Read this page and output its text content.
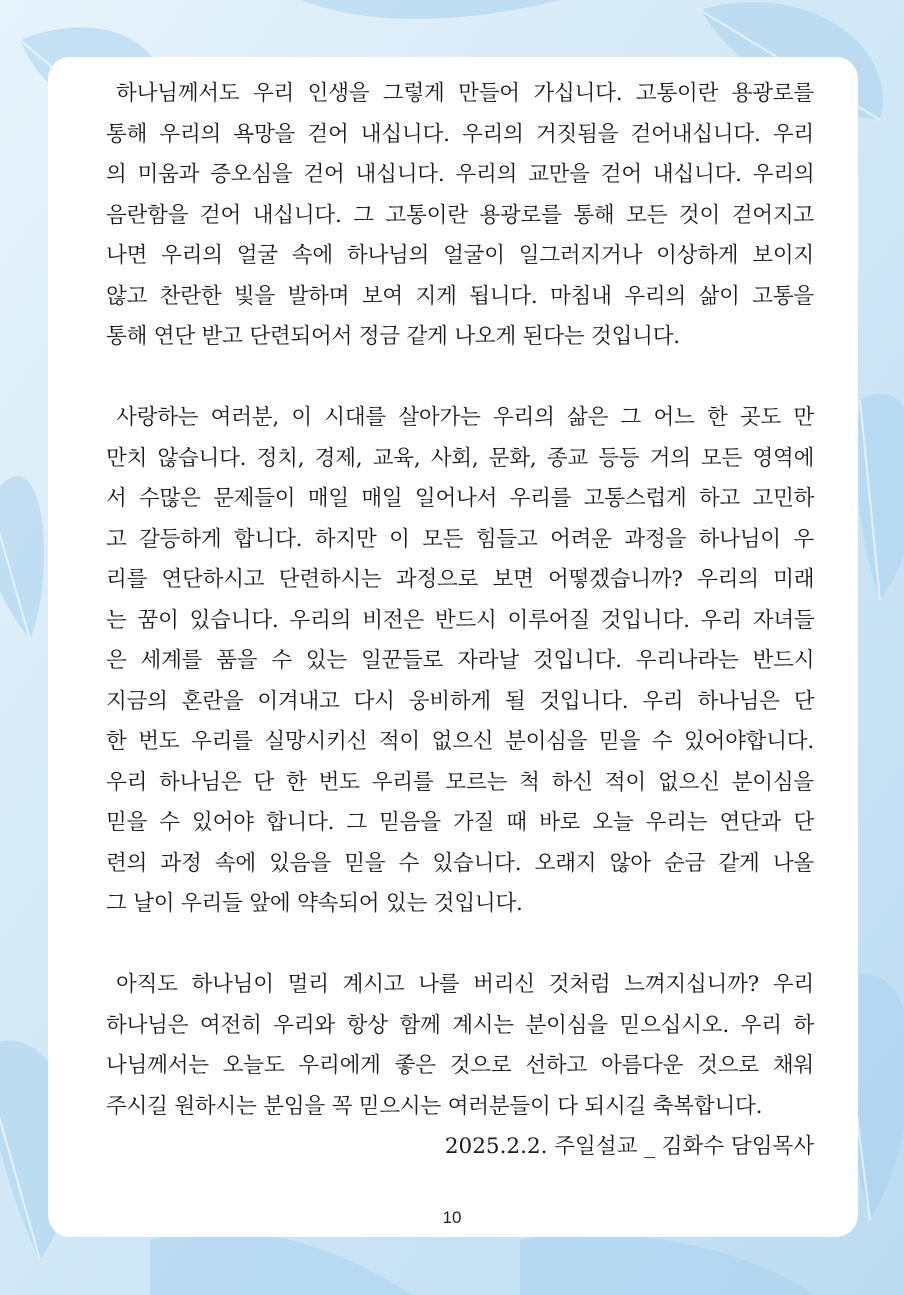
하나님께서도 우리 인생을 그렇게 만들어 가십니다. 고통이란 용광로를
통해 우리의 욕망을 걷어 내십니다. 우리의 거짓됨을 걷어내십니다. 우리
의 미움과 증오심을 걷어 내십니다. 우리의 교만을 걷어 내십니다. 우리의
음란함을 걷어 내십니다. 그 고통이란 용광로를 통해 모든 것이 걷어지고
나면 우리의 얼굴 속에 하나님의 얼굴이 일그러지거나 이상하게 보이지
않고 찬란한 빛을 발하며 보여 지게 됩니다. 마침내 우리의 삶이 고통을
통해 연단 받고 단련되어서 정금 같게 나오게 된다는 것입니다.

사랑하는 여러분, 이 시대를 살아가는 우리의 삶은 그 어느 한 곳도 만
만치 않습니다. 정치, 경제, 교육, 사회, 문화, 종교 등등 거의 모든 영역에
서 수많은 문제들이 매일 매일 일어나서 우리를 고통스럽게 하고 고민하
고 갈등하게 합니다. 하지만 이 모든 힘들고 어려운 과정을 하나님이 우
리를 연단하시고 단련하시는 과정으로 보면 어떻겠습니까? 우리의 미래
는 꿈이 있습니다. 우리의 비전은 반드시 이루어질 것입니다. 우리 자녀들
은 세계를 품을 수 있는 일꾼들로 자라날 것입니다. 우리나라는 반드시
지금의 혼란을 이겨내고 다시 웅비하게 될 것입니다. 우리 하나님은 단
한 번도 우리를 실망시키신 적이 없으신 분이심을 믿을 수 있어야합니다.
우리 하나님은 단 한 번도 우리를 모르는 척 하신 적이 없으신 분이심을
믿을 수 있어야 합니다. 그 믿음을 가질 때 바로 오늘 우리는 연단과 단
련의 과정 속에 있음을 믿을 수 있습니다. 오래지 않아 순금 같게 나올
그 날이 우리들 앞에 약속되어 있는 것입니다.

아직도 하나님이 멀리 계시고 나를 버리신 것처럼 느껴지십니까? 우리
하나님은 여전히 우리와 항상 함께 계시는 분이심을 믿으십시오. 우리 하
나님께서는 오늘도 우리에게 좋은 것으로 선하고 아름다운 것으로 채워
주시길 원하시는 분임을 꼭 믿으시는 여러분들이 다 되시길 축복합니다.

2025.2.2. 주일설교 _ 김화수 담임목사
10
